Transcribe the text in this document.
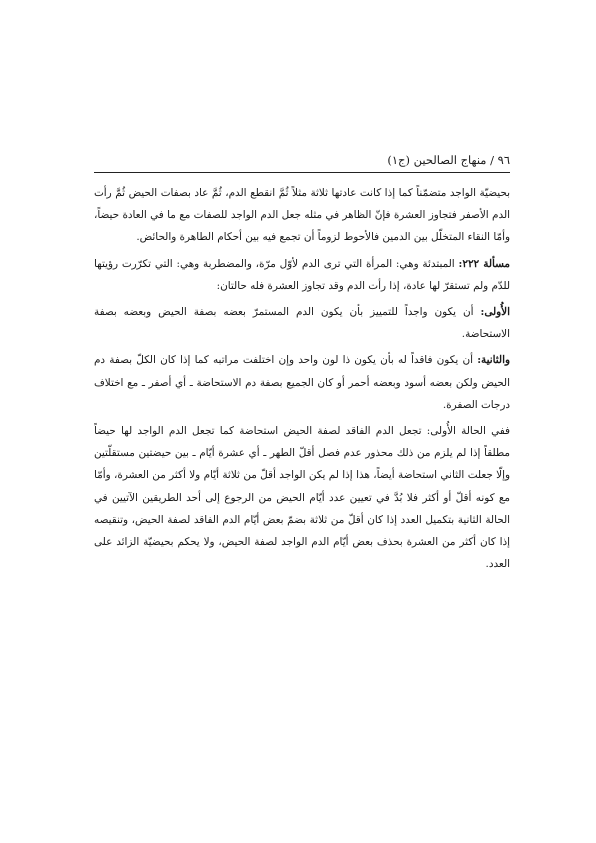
٩٦ / منهاج الصالحين (ج١)

بحيضيّة الواجد متضمّناً كما إذا كانت عادتها ثلاثة مثلاً ثُمَّ انقطع الدم، ثُمَّ عاد بصفات الحيض ثُمَّ رأت الدم الأصفر فتجاوز العشرة فإنّ الظاهر في مثله جعل الدم الواجد للصفات مع ما في العادة حيضاً، وأمّا النقاء المتخلّل بين الدمين فالأحوط لزوماً أن تجمع فيه بين أحكام الطاهرة والحائض.

مسألة ٢٢٢: المبتدئة وهي: المرأة التي ترى الدم لأوّل مرّة، والمضطربة وهي: التي تكرّرت رؤيتها للدّم ولم تستقرّ لها عادة، إذا رأت الدم وقد تجاوز العشرة فله حالتان:

الأُولى: أن يكون واجداً للتمييز بأن يكون الدم المستمرّ بعضه بصفة الحيض وبعضه بصفة الاستحاضة.

والثانية: أن يكون فاقداً له بأن يكون ذا لون واحد وإن اختلفت مراتبه كما إذا كان الكلّ بصفة دم الحيض ولكن بعضه أسود وبعضه أحمر أو كان الجميع بصفة دم الاستحاضة ـ أي أصفر ـ مع اختلاف درجات الصفرة.

ففي الحالة الأُولى: تجعل الدم الفاقد لصفة الحيض استحاضة كما تجعل الدم الواجد لها حيضاً مطلقاً إذا لم يلزم من ذلك محذور عدم فصل أقلّ الطهر ـ أي عشرة أيّام ـ بين حيضتين مستقلّتين وإلّا جعلت الثاني استحاضة أيضاً، هذا إذا لم يكن الواجد أقلّ من ثلاثة أيّام ولا أكثر من العشرة، وأمّا مع كونه أقلّ أو أكثر فلا بُدَّ في تعيين عدد أيّام الحيض من الرجوع إلى أحد الطريقين الآتيين في الحالة الثانية بتكميل العدد إذا كان أقلّ من ثلاثة بضمّ بعض أيّام الدم الفاقد لصفة الحيض، وتنقيصه إذا كان أكثر من العشرة بحذف بعض أيّام الدم الواجد لصفة الحيض، ولا يحكم بحيضيّة الزائد على العدد.
